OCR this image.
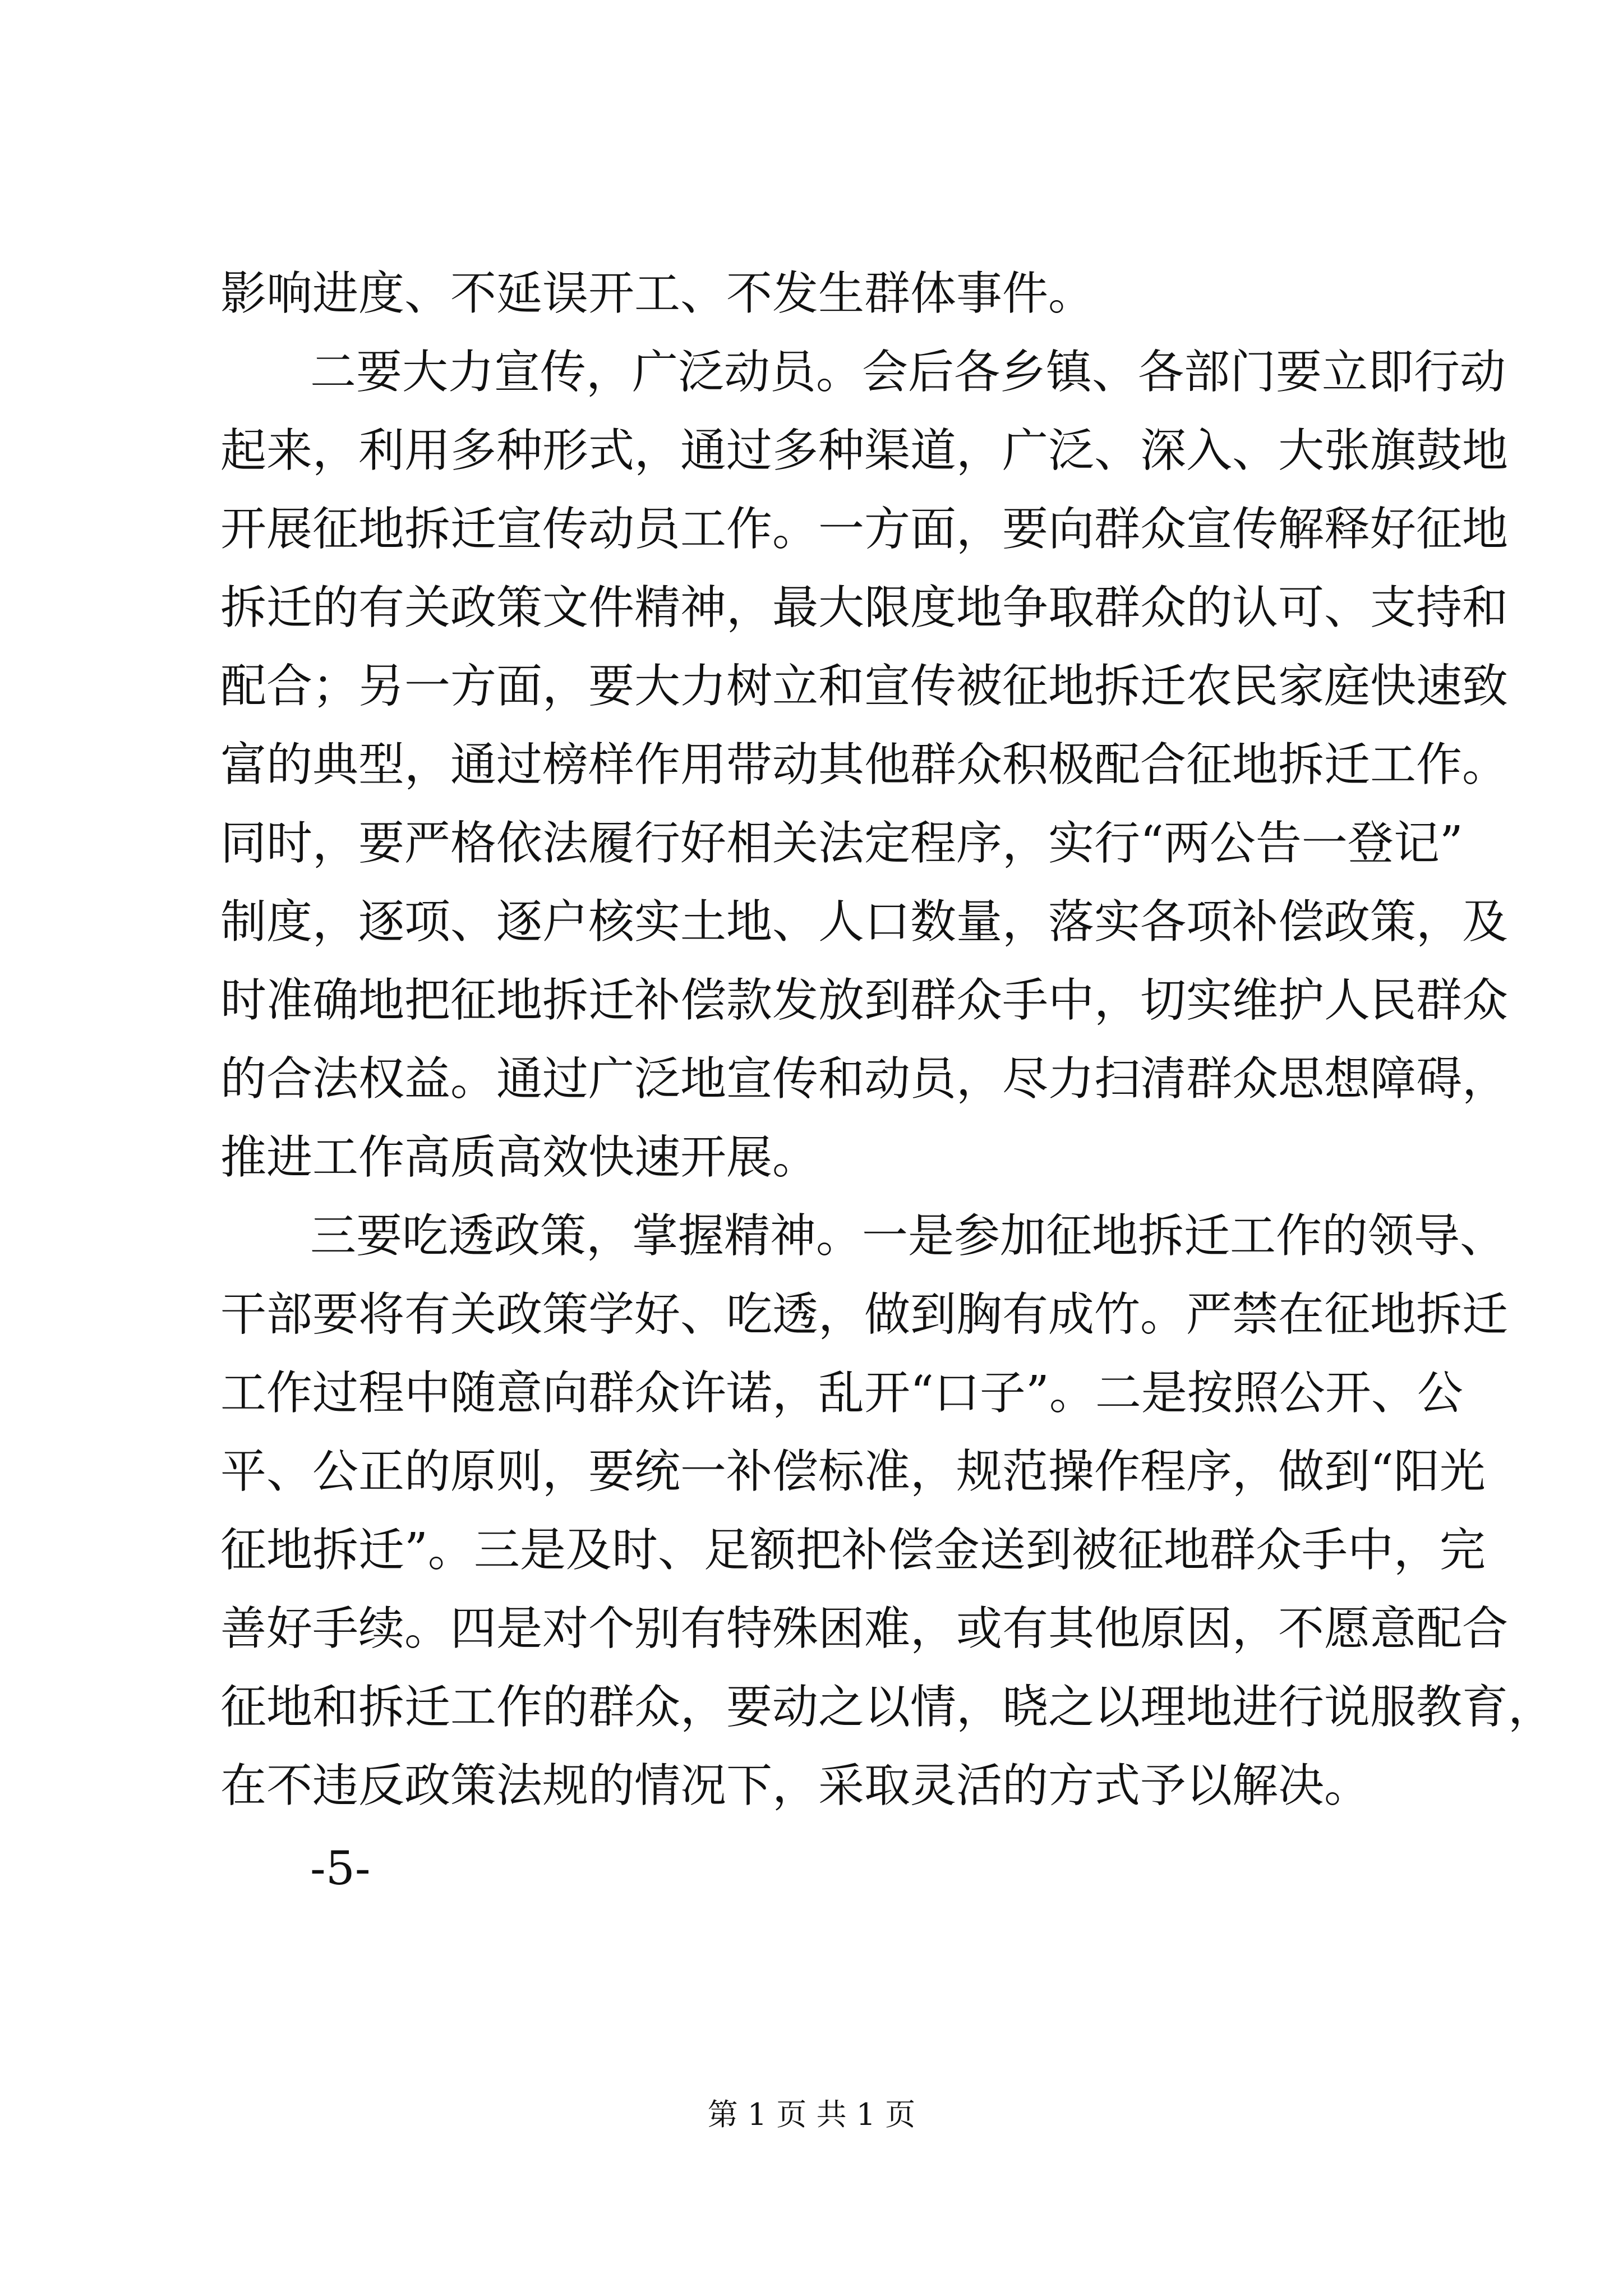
影响进度、不延误开工、不发生群体事件。

二要大力宣传，广泛动员。会后各乡镇、各部门要立即行动

起来，利用多种形式，通过多种渠道，广泛、深入、大张旗鼓地

开展征地拆迁宣传动员工作。一方面，要向群众宣传解释好征地

拆迁的有关政策文件精神，最大限度地争取群众的认可、支持和

配合；另一方面，要大力树立和宣传被征地拆迁农民家庭快速致

富的典型，通过榜样作用带动其他群众积极配合征地拆迁工作。

同时，要严格依法履行好相关法定程序，实行“两公告一登记”

制度，逐项、逐户核实土地、人口数量，落实各项补偿政策，及

时准确地把征地拆迁补偿款发放到群众手中，切实维护人民群众

的合法权益。通过广泛地宣传和动员，尽力扫清群众思想障碍，

推进工作高质高效快速开展。

三要吃透政策，掌握精神。一是参加征地拆迁工作的领导、

干部要将有关政策学好、吃透，做到胸有成竹。严禁在征地拆迁

工作过程中随意向群众许诺，乱开“口子”。二是按照公开、公

平、公正的原则，要统一补偿标准，规范操作程序，做到“阳光

征地拆迁”。三是及时、足额把补偿金送到被征地群众手中，完

善好手续。四是对个别有特殊困难，或有其他原因，不愿意配合

征地和拆迁工作的群众，要动之以情，晓之以理地进行说服教育，

在不违反政策法规的情况下，采取灵活的方式予以解决。

-5-

第 1 页 共 1 页
